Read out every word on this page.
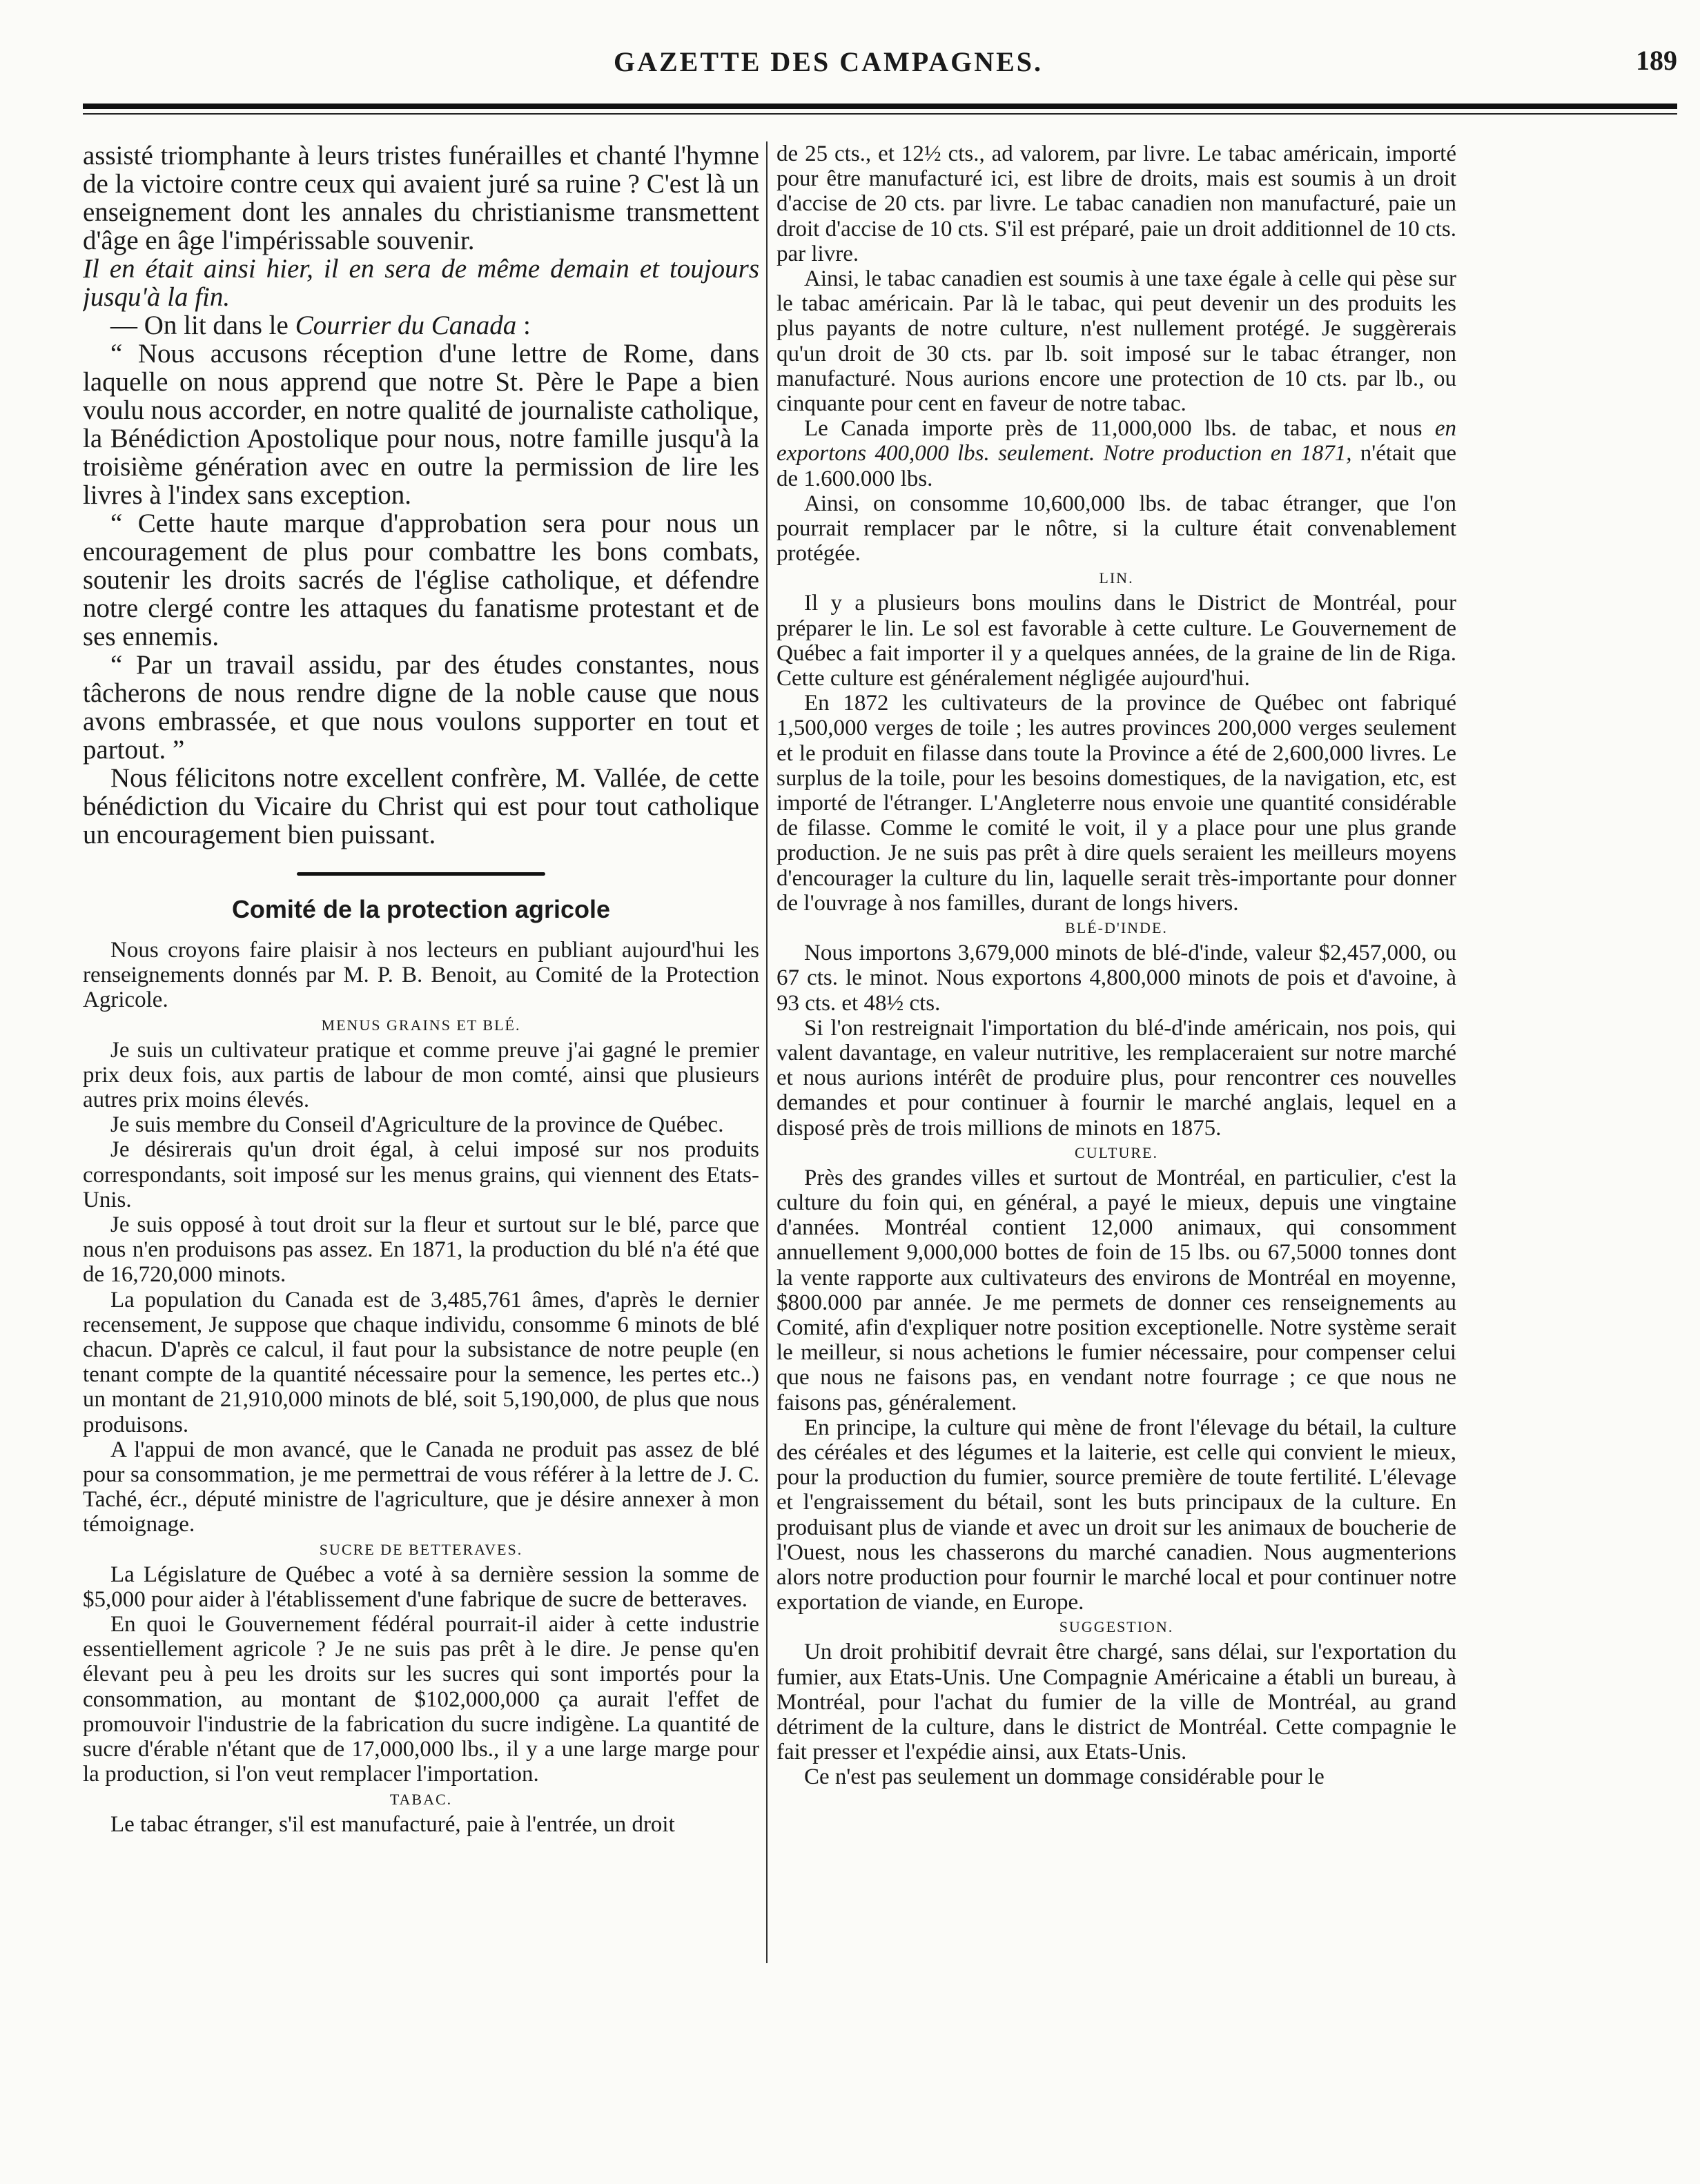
GAZETTE DES CAMPAGNES.	189

assisté triomphante à leurs tristes funérailles et chanté l'hymne de la victoire contre ceux qui avaient juré sa ruine ? C'est là un enseignement dont les annales du christianisme transmettent d'âge en âge l'impérissable souvenir.

Il en était ainsi hier, il en sera de même demain et toujours jusqu'à la fin.

— On lit dans le Courrier du Canada :

“ Nous accusons réception d'une lettre de Rome, dans laquelle on nous apprend que notre St. Père le Pape a bien voulu nous accorder, en notre qualité de journaliste catholique, la Bénédiction Apostolique pour nous, notre famille jusqu'à la troisième génération avec en outre la permission de lire les livres à l'index sans exception.

“ Cette haute marque d'approbation sera pour nous un encouragement de plus pour combattre les bons combats, soutenir les droits sacrés de l'église catholique, et défendre notre clergé contre les attaques du fanatisme protestant et de ses ennemis.

“ Par un travail assidu, par des études constantes, nous tâcherons de nous rendre digne de la noble cause que nous avons embrassée, et que nous voulons supporter en tout et partout. ”

Nous félicitons notre excellent confrère, M. Vallée, de cette bénédiction du Vicaire du Christ qui est pour tout catholique un encouragement bien puissant.

Comité de la protection agricole

Nous croyons faire plaisir à nos lecteurs en publiant aujourd'hui les renseignements donnés par M. P. B. Benoit, au Comité de la Protection Agricole.

MENUS GRAINS ET BLÉ.

Je suis un cultivateur pratique et comme preuve j'ai gagné le premier prix deux fois, aux partis de labour de mon comté, ainsi que plusieurs autres prix moins élevés.

Je suis membre du Conseil d'Agriculture de la province de Québec.

Je désirerais qu'un droit égal, à celui imposé sur nos produits correspondants, soit imposé sur les menus grains, qui viennent des Etats-Unis.

Je suis opposé à tout droit sur la fleur et surtout sur le blé, parce que nous n'en produisons pas assez. En 1871, la production du blé n'a été que de 16,720,000 minots.

La population du Canada est de 3,485,761 âmes, d'après le dernier recensement, Je suppose que chaque individu, consomme 6 minots de blé chacun. D'après ce calcul, il faut pour la subsistance de notre peuple (en tenant compte de la quantité nécessaire pour la semence, les pertes etc..) un montant de 21,910,000 minots de blé, soit 5,190,000, de plus que nous produisons.

A l'appui de mon avancé, que le Canada ne produit pas assez de blé pour sa consommation, je me permettrai de vous référer à la lettre de J. C. Taché, écr., député ministre de l'agriculture, que je désire annexer à mon témoignage.

SUCRE DE BETTERAVES.

La Législature de Québec a voté à sa dernière session la somme de $5,000 pour aider à l'établissement d'une fabrique de sucre de betteraves.

En quoi le Gouvernement fédéral pourrait-il aider à cette industrie essentiellement agricole ? Je ne suis pas prêt à le dire. Je pense qu'en élevant peu à peu les droits sur les sucres qui sont importés pour la consommation, au montant de $102,000,000 ça aurait l'effet de promouvoir l'industrie de la fabrication du sucre indigène. La quantité de sucre d'érable n'étant que de 17,000,000 lbs., il y a une large marge pour la production, si l'on veut remplacer l'importation.

TABAC.

Le tabac étranger, s'il est manufacturé, paie à l'entrée, un droit

de 25 cts., et 12½ cts., ad valorem, par livre. Le tabac américain, importé pour être manufacturé ici, est libre de droits, mais est soumis à un droit d'accise de 20 cts. par livre. Le tabac canadien non manufacturé, paie un droit d'accise de 10 cts. S'il est préparé, paie un droit additionnel de 10 cts. par livre.

Ainsi, le tabac canadien est soumis à une taxe égale à celle qui pèse sur le tabac américain. Par là le tabac, qui peut devenir un des produits les plus payants de notre culture, n'est nullement protégé. Je suggèrerais qu'un droit de 30 cts. par lb. soit imposé sur le tabac étranger, non manufacturé. Nous aurions encore une protection de 10 cts. par lb., ou cinquante pour cent en faveur de notre tabac.

Le Canada importe près de 11,000,000 lbs. de tabac, et nous en exportons 400,000 lbs. seulement. Notre production en 1871, n'était que de 1.600.000 lbs.

Ainsi, on consomme 10,600,000 lbs. de tabac étranger, que l'on pourrait remplacer par le nôtre, si la culture était convenablement protégée.

LIN.

Il y a plusieurs bons moulins dans le District de Montréal, pour préparer le lin. Le sol est favorable à cette culture. Le Gouvernement de Québec a fait importer il y a quelques années, de la graine de lin de Riga. Cette culture est généralement négligée aujourd'hui.

En 1872 les cultivateurs de la province de Québec ont fabriqué 1,500,000 verges de toile ; les autres provinces 200,000 verges seulement et le produit en filasse dans toute la Province a été de 2,600,000 livres. Le surplus de la toile, pour les besoins domestiques, de la navigation, etc, est importé de l'étranger. L'Angleterre nous envoie une quantité considérable de filasse. Comme le comité le voit, il y a place pour une plus grande production. Je ne suis pas prêt à dire quels seraient les meilleurs moyens d'encourager la culture du lin, laquelle serait très-importante pour donner de l'ouvrage à nos familles, durant de longs hivers.

BLÉ-D'INDE.

Nous importons 3,679,000 minots de blé-d'inde, valeur $2,457,000, ou 67 cts. le minot. Nous exportons 4,800,000 minots de pois et d'avoine, à 93 cts. et 48½ cts.

Si l'on restreignait l'importation du blé-d'inde américain, nos pois, qui valent davantage, en valeur nutritive, les remplaceraient sur notre marché et nous aurions intérêt de produire plus, pour rencontrer ces nouvelles demandes et pour continuer à fournir le marché anglais, lequel en a disposé près de trois millions de minots en 1875.

CULTURE.

Près des grandes villes et surtout de Montréal, en particulier, c'est la culture du foin qui, en général, a payé le mieux, depuis une vingtaine d'années. Montréal contient 12,000 animaux, qui consomment annuellement 9,000,000 bottes de foin de 15 lbs. ou 67,5000 tonnes dont la vente rapporte aux cultivateurs des environs de Montréal en moyenne, $800.000 par année. Je me permets de donner ces renseignements au Comité, afin d'expliquer notre position exceptionelle. Notre système serait le meilleur, si nous achetions le fumier nécessaire, pour compenser celui que nous ne faisons pas, en vendant notre fourrage ; ce que nous ne faisons pas, généralement.

En principe, la culture qui mène de front l'élevage du bétail, la culture des céréales et des légumes et la laiterie, est celle qui convient le mieux, pour la production du fumier, source première de toute fertilité. L'élevage et l'engraissement du bétail, sont les buts principaux de la culture. En produisant plus de viande et avec un droit sur les animaux de boucherie de l'Ouest, nous les chasserons du marché canadien. Nous augmenterions alors notre production pour fournir le marché local et pour continuer notre exportation de viande, en Europe.

SUGGESTION.

Un droit prohibitif devrait être chargé, sans délai, sur l'exportation du fumier, aux Etats-Unis. Une Compagnie Américaine a établi un bureau, à Montréal, pour l'achat du fumier de la ville de Montréal, au grand détriment de la culture, dans le district de Montréal. Cette compagnie le fait presser et l'expédie ainsi, aux Etats-Unis.

Ce n'est pas seulement un dommage considérable pour le
